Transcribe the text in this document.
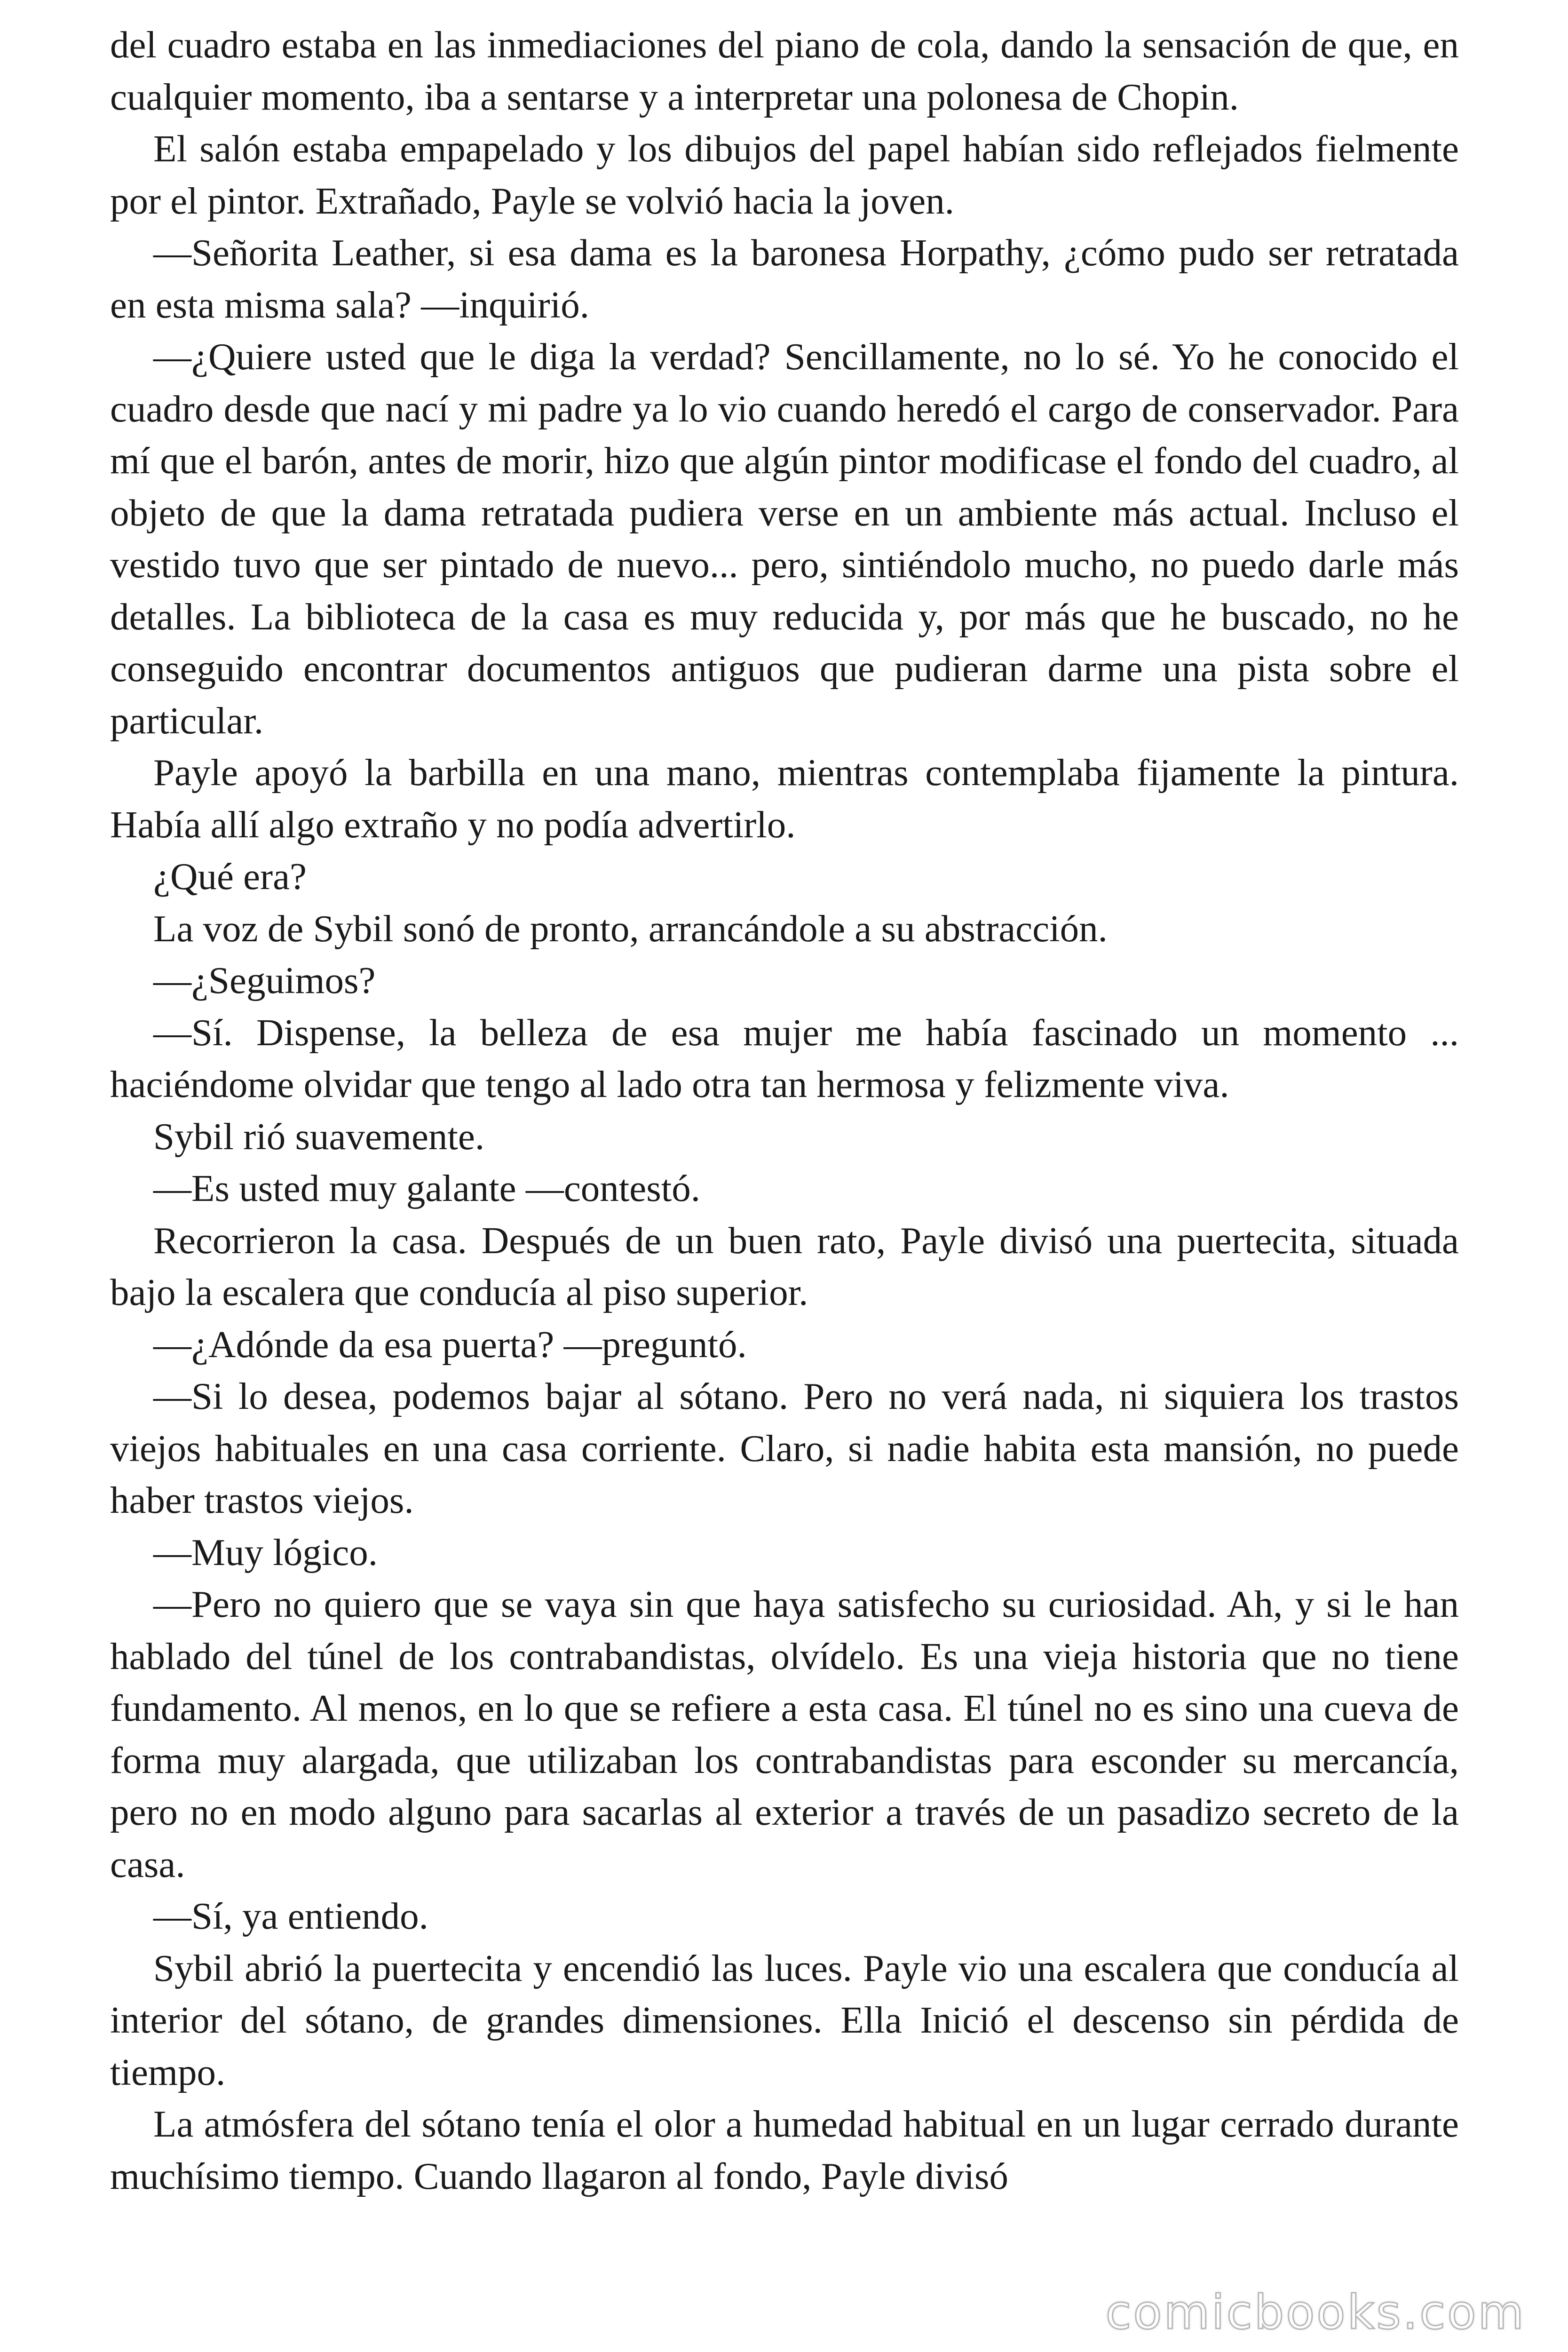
del cuadro estaba en las inmediaciones del piano de cola, dando la sensación de que, en cualquier momento, iba a sentarse y a interpretar una polonesa de Chopin.

El salón estaba empapelado y los dibujos del papel habían sido reflejados fielmente por el pintor. Extrañado, Payle se volvió hacia la joven.

—Señorita Leather, si esa dama es la baronesa Horpathy, ¿cómo pudo ser retratada en esta misma sala? —inquirió.

—¿Quiere usted que le diga la verdad? Sencillamente, no lo sé. Yo he conocido el cuadro desde que nací y mi padre ya lo vio cuando heredó el cargo de conservador. Para mí que el barón, antes de morir, hizo que algún pintor modificase el fondo del cuadro, al objeto de que la dama retratada pudiera verse en un ambiente más actual. Incluso el vestido tuvo que ser pintado de nuevo... pero, sintiéndolo mucho, no puedo darle más detalles. La biblioteca de la casa es muy reducida y, por más que he buscado, no he conseguido encontrar documentos antiguos que pudieran darme una pista sobre el particular.

Payle apoyó la barbilla en una mano, mientras contemplaba fijamente la pintura. Había allí algo extraño y no podía advertirlo.

¿Qué era?

La voz de Sybil sonó de pronto, arrancándole a su abstracción.

—¿Seguimos?

—Sí. Dispense, la belleza de esa mujer me había fascinado un momento ... haciéndome olvidar que tengo al lado otra tan hermosa y felizmente viva.

Sybil rió suavemente.

—Es usted muy galante —contestó.

Recorrieron la casa. Después de un buen rato, Payle divisó una puertecita, situada bajo la escalera que conducía al piso superior.

—¿Adónde da esa puerta? —preguntó.

—Si lo desea, podemos bajar al sótano. Pero no verá nada, ni siquiera los trastos viejos habituales en una casa corriente. Claro, si nadie habita esta mansión, no puede haber trastos viejos.

—Muy lógico.

—Pero no quiero que se vaya sin que haya satisfecho su curiosidad. Ah, y si le han hablado del túnel de los contrabandistas, olvídelo. Es una vieja historia que no tiene fundamento. Al menos, en lo que se refiere a esta casa. El túnel no es sino una cueva de forma muy alargada, que utilizaban los contrabandistas para esconder su mercancía, pero no en modo alguno para sacarlas al exterior a través de un pasadizo secreto de la casa.

—Sí, ya entiendo.

Sybil abrió la puertecita y encendió las luces. Payle vio una escalera que conducía al interior del sótano, de grandes dimensiones. Ella Inició el descenso sin pérdida de tiempo.

La atmósfera del sótano tenía el olor a humedad habitual en un lugar cerrado durante muchísimo tiempo. Cuando llagaron al fondo, Payle divisó

comicbooks.com
